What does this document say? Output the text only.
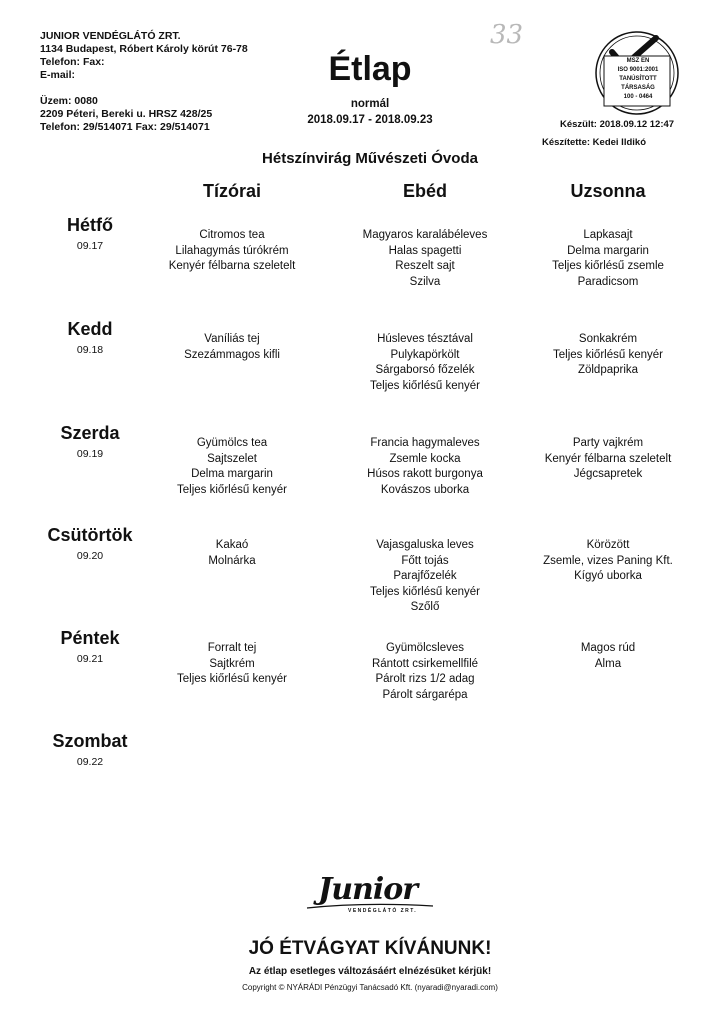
JUNIOR VENDÉGLÁTÓ ZRT.
1134 Budapest, Róbert Károly körút 76-78
Telefon: Fax:
E-mail:
Üzem: 0080
2209 Péteri, Bereki u. HRSZ 428/25
Telefon: 29/514071 Fax: 29/514071
33
Étlap
normál
2018.09.17 - 2018.09.23
MSZ EN
ISO 9001:2001
TANÚSÍTOTT
TÁRSASÁG
100 - 0464
Készült: 2018.09.12 12:47
Készítette: Kedei Ildikó
Hétszínvirág Művészeti Óvoda
Tízórai	Ebéd	Uzsonna
Hétfő
09.17
Citromos tea
Lilahagymás túrókrém
Kenyér félbarna szeletelt
Magyaros karalábéleves
Halas spagetti
Reszelt sajt
Szilva
Lapkasajt
Delma margarin
Teljes kiőrlésű zsemle
Paradicsom
Kedd
09.18
Vaníliás tej
Szezámmagos kifli
Húsleves tésztával
Pulykapörkölt
Sárgaborsó főzelék
Teljes kiőrlésű kenyér
Sonkakrém
Teljes kiőrlésű kenyér
Zöldpaprika
Szerda
09.19
Gyümölcs tea
Sajtszelet
Delma margarin
Teljes kiőrlésű kenyér
Francia hagymaleves
Zsemle kocka
Húsos rakott burgonya
Kovászos uborka
Party vajkrém
Kenyér félbarna szeletelt
Jégcsapretek
Csütörtök
09.20
Kakaó
Molnárka
Vajasgaluska leves
Főtt tojás
Parajfőzelék
Teljes kiőrlésű kenyér
Szőlő
Körözött
Zsemle, vizes Paning Kft.
Kígyó uborka
Péntek
09.21
Forralt tej
Sajtkrém
Teljes kiőrlésű kenyér
Gyümölcsleves
Rántott csirkemellfilé
Párolt rizs 1/2 adag
Párolt sárgarépa
Magos rúd
Alma
Szombat
09.22
Junior
VENDÉGLÁTÓ ZRT.
JÓ ÉTVÁGYAT KÍVÁNUNK!
Az étlap esetleges változásáért elnézésüket kérjük!
Copyright © NYÁRÁDI Pénzügyi Tanácsadó Kft. (nyaradi@nyaradi.com)
